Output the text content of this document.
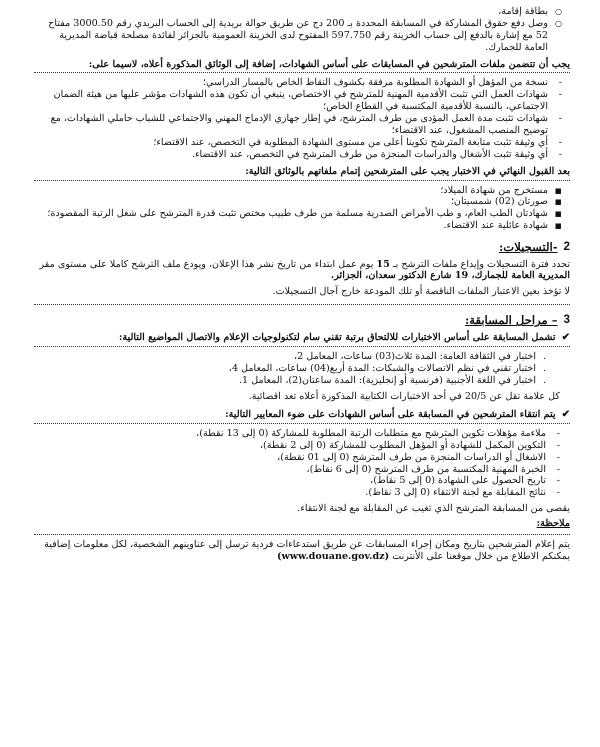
○ بطاقة إقامة،
○ وصل دفع حقوق المشاركة في المسابقة المحددة بـ 200 دج عن طريق حوالة بريدية إلى الحساب البريدي رقم 3000.50 مفتاح 52 مع إشارة بالدفع إلى حساب الخزينة رقم 597.750 المفتوح لدى الخزينة العمومية بالجزائر لفائدة مصلحة قباضة المديرية العامة للجمارك.

يجب أن تتضمن ملفات المترشحين في المسابقات على أساس الشهادات، إضافة إلى الوثائق المذكورة أعلاه، لاسيما على:

- نسخة من المؤهل أو الشهادة المطلوبة مرفقة بكشوف النقاط الخاص بالمسار الدراسي؛
- شهادات العمل التي تثبت الأقدمية المهنية للمترشح في الاختصاص، ينبغي أن تكون هذه الشهادات مؤشر عليها من هيئة الضمان الاجتماعي، بالنسبة للأقدمية المكتسبة في القطاع الخاص؛
- شهادات تثبت مدة العمل المؤدى من طرف المترشح، في إطار جهازي الإدماج المهني والاجتماعي للشباب حاملي الشهادات، مع توضيح المنصب المشغول، عند الاقتضاء؛
- أي وثيقة تثبت متابعة المترشح تكوينا أعلى من مستوى الشهادة المطلوبة في التخصص، عند الاقتضاء؛
- أي وثيقة تثبت الأشغال والدراسات المنجزة من طرف المترشح في التخصص، عند الاقتضاء.

بعد القبول النهائي في الاختبار يجب على المترشحين إتمام ملفاتهم بالوثائق التالية:

▪ مستخرج من شهادة الميلاد؛
▪ صورتان (02) شمسيتان؛
▪ شهادتان الطب العام، و طب الأمراض الصدرية مسلمة من طرف طبيب مختص تثبت قدرة المترشح على شغل الرتبة المقصودة؛
▪ شهادة عائلية عند الاقتضاء.
2
-التسجيلات:

تحدد فترة التسجيلات وإيداع ملفات الترشح بـ 15 يوم عمل ابتداء من تاريخ نشر هذا الإعلان، ويودع ملف الترشح كاملا على مستوى مقر المديرية العامة للجمارك، 19 شارع الدكتور سعدان، الجزائر.

لا تؤخذ بعين الاعتبار الملفات الناقصة أو تلك المودعة خارج آجال التسجيلات.

3
– مراحل المسابقة:
✔
تشمل المسابقة على أساس الاختبارات للالتحاق برتبة تقني سام لتكنولوجيات الإعلام والاتصال المواضيع التالية:
. اختبار في الثقافة العامة: المدة ثلاث(03) ساعات، المعامل 2،
. اختبار تقني في نظم الاتصالات والشبكات: المدة أربع(04) ساعات، المعامل 4،
. اختبار في اللغة الأجنبية (فرنسية أو إنجليزية): المدة ساعتان(2)، المعامل 1.

كل علامة تقل عن 20/5 في أحد الاختبارات الكتابية المذكورة أعلاه تعد اقصائية.

✔
يتم انتقاء المترشحين في المسابقة على أساس الشهادات على ضوء المعايير التالية:
- ملاءمة مؤهلات تكوين المترشح مع متطلبات الرتبة المطلوبة للمشاركة (0 إلى 13 نقطة)،
- التكوين المكمل للشهادة أو المؤهل المطلوب للمشاركة (0 إلى 2 نقطة)،
- الاشغال أو الدراسات المنجزة من طرف المترشح (0 إلى 01 نقطة)،
- الخبرة المهنية المكتسبة من طرف المترشح (0 إلى 6 نقاط)،
- تاريخ الحصول على الشهادة (0 إلى 5 نقاط)،
- نتائج المقابلة مع لجنة الانتقاء (0 إلى 3 نقاط).

يقصى من المسابقة المترشح الذي تغيب عن المقابلة مع لجنة الانتقاء.

ملاحظة:

يتم إعلام المترشحين بتاريخ ومكان إجراء المسابقات عن طريق استدعاءات فردية ترسل إلى عناوينهم الشخصية، لكل معلومات إضافية يمكنكم الاطلاع من خلال موقعنا على الأنترنت (www.douane.gov.dz)
